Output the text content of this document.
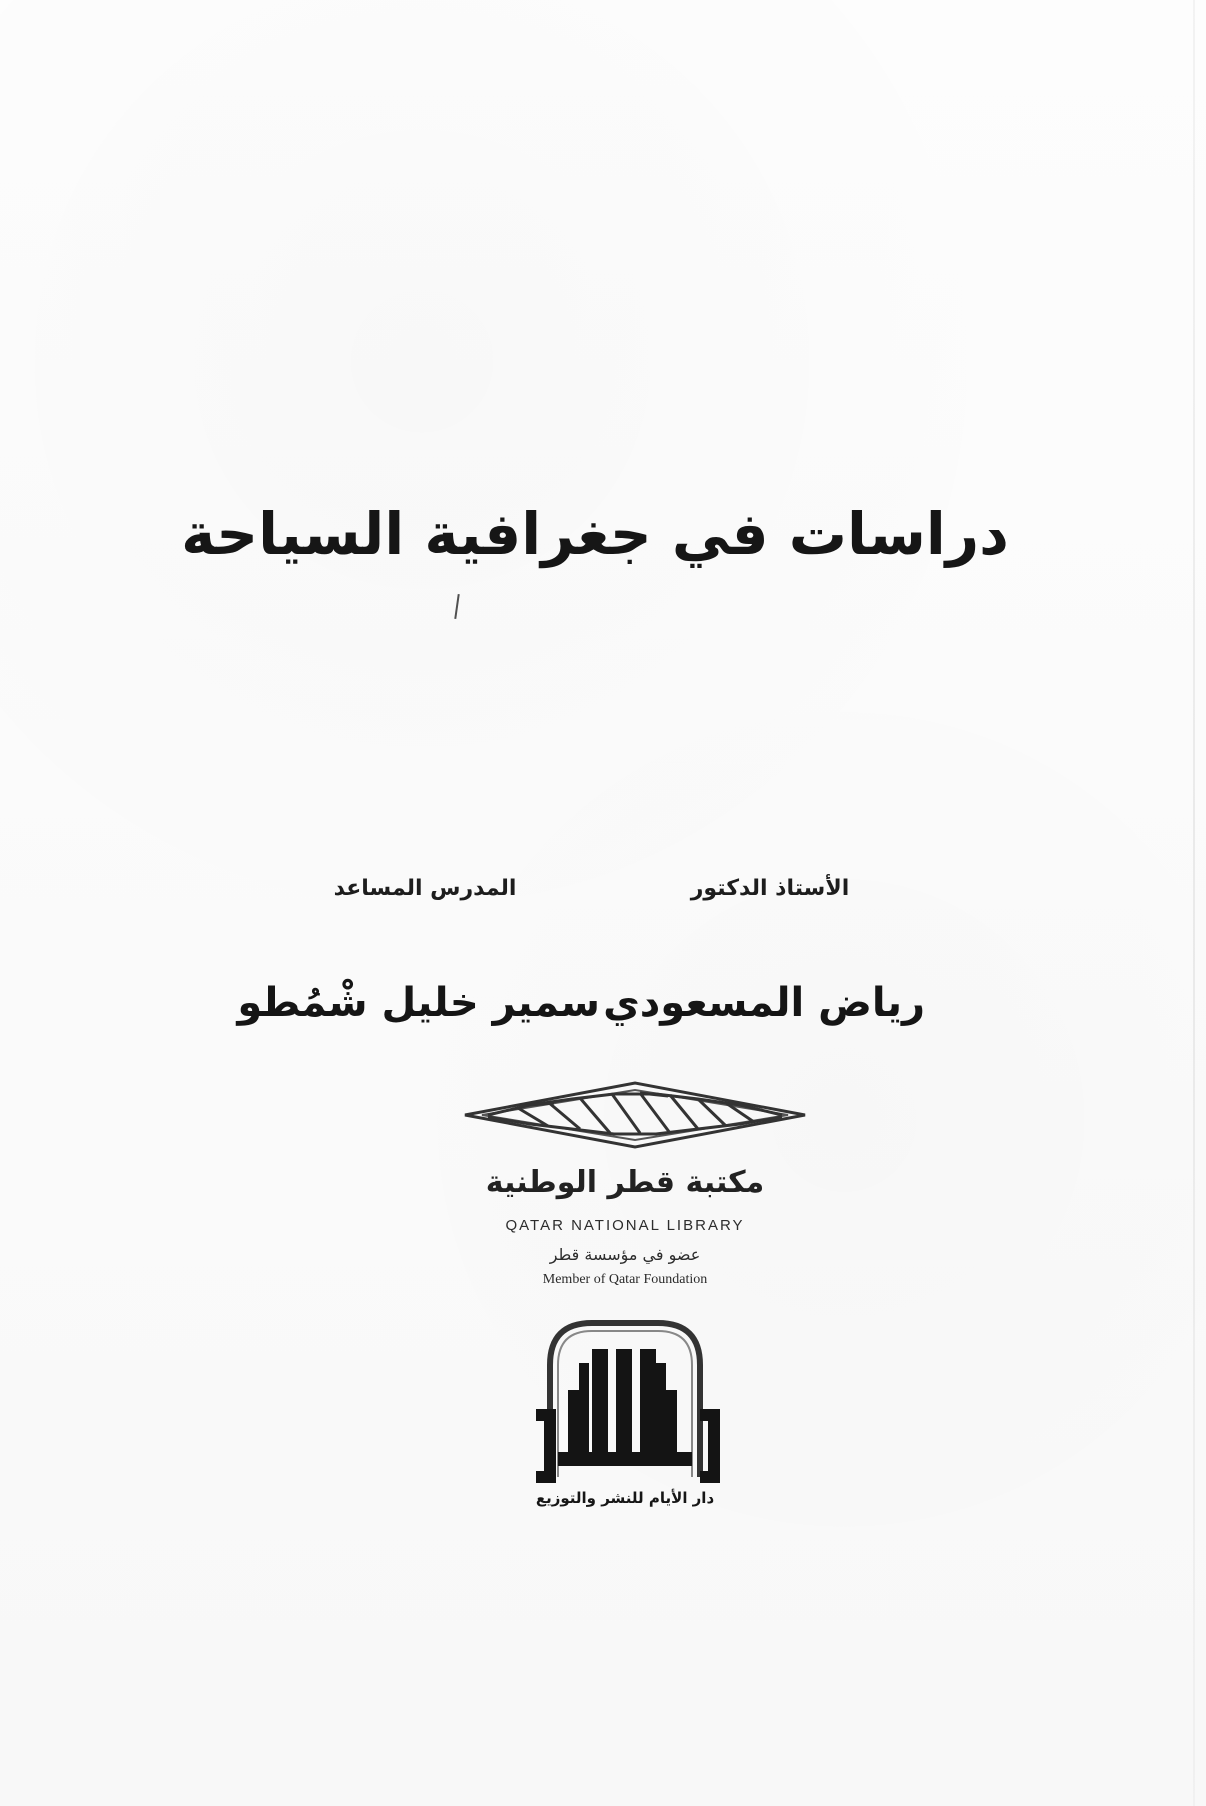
دراسات في جغرافية السياحة
الأستاذ الدكتور
المدرس المساعد
رياض المسعودي
سمير خليل شْمُطو
مكتبة قطر الوطنية
QATAR NATIONAL LIBRARY
عضو في مؤسسة قطر
Member of Qatar Foundation
دار الأيام للنشر والتوزيع
